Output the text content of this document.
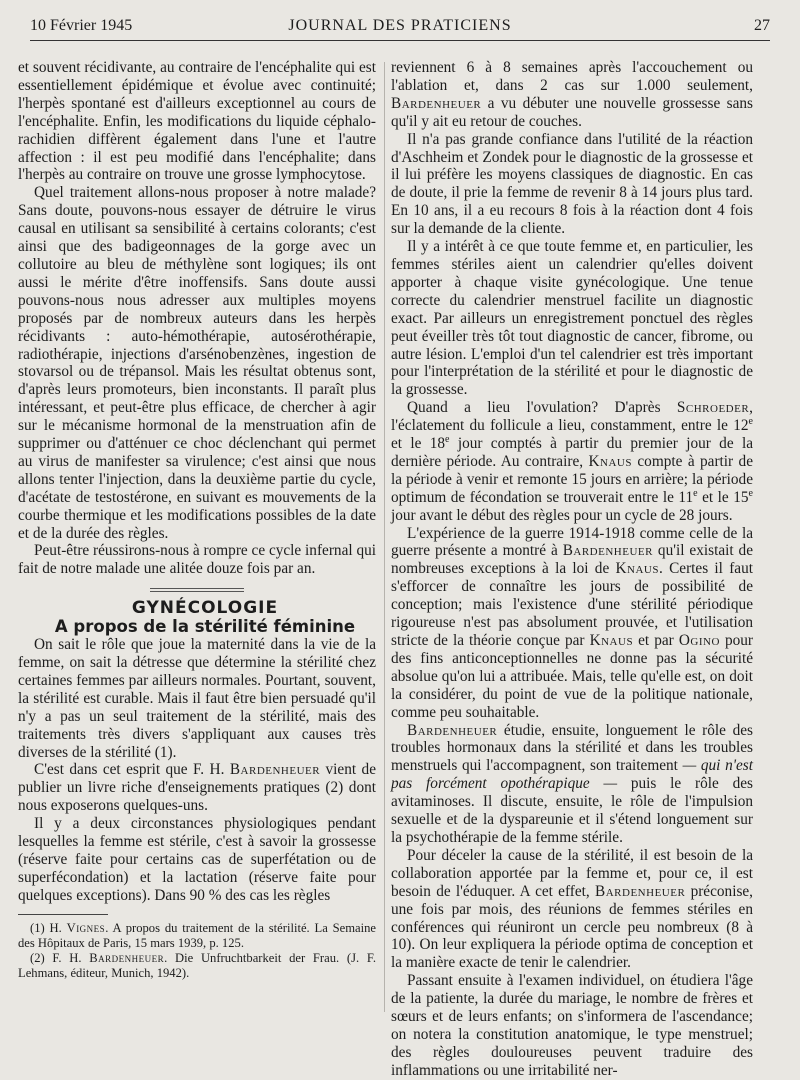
10 Février 1945	JOURNAL DES PRATICIENS	27

et souvent récidivante, au contraire de l'encéphalite qui est essentiellement épidémique et évolue avec continuité; l'herpès spontané est d'ailleurs exceptionnel au cours de l'encéphalite. Enfin, les modifications du liquide céphalo-rachidien diffèrent également dans l'une et l'autre affection : il est peu modifié dans l'encéphalite; dans l'herpès au contraire on trouve une grosse lymphocytose.

Quel traitement allons-nous proposer à notre malade? Sans doute, pouvons-nous essayer de détruire le virus causal en utilisant sa sensibilité à certains colorants; c'est ainsi que des badigeonnages de la gorge avec un collutoire au bleu de méthylène sont logiques; ils ont aussi le mérite d'être inoffensifs. Sans doute aussi pouvons-nous nous adresser aux multiples moyens proposés par de nombreux auteurs dans les herpès récidivants : auto-hémothérapie, autosérothérapie, radiothérapie, injections d'arsénobenzènes, ingestion de stovarsol ou de trépansol. Mais les résultat obtenus sont, d'après leurs promoteurs, bien inconstants. Il paraît plus intéressant, et peut-être plus efficace, de chercher à agir sur le mécanisme hormonal de la menstruation afin de supprimer ou d'atténuer ce choc déclenchant qui permet au virus de manifester sa virulence; c'est ainsi que nous allons tenter l'injection, dans la deuxième partie du cycle, d'acétate de testostérone, en suivant es mouvements de la courbe thermique et les modifications possibles de la date et de la durée des règles.

Peut-être réussirons-nous à rompre ce cycle infernal qui fait de notre malade une alitée douze fois par an.

GYNÉCOLOGIE

A propos de la stérilité féminine

On sait le rôle que joue la maternité dans la vie de la femme, on sait la détresse que détermine la stérilité chez certaines femmes par ailleurs normales. Pourtant, souvent, la stérilité est curable. Mais il faut être bien persuadé qu'il n'y a pas un seul traitement de la stérilité, mais des traitements très divers s'appliquant aux causes très diverses de la stérilité (1).

C'est dans cet esprit que F. H. Bardenheuer vient de publier un livre riche d'enseignements pratiques (2) dont nous exposerons quelques-uns.

Il y a deux circonstances physiologiques pendant lesquelles la femme est stérile, c'est à savoir la grossesse (réserve faite pour certains cas de superfétation ou de superfécondation) et la lactation (réserve faite pour quelques exceptions). Dans 90 % des cas les règles

(1) H. Vignes. A propos du traitement de la stérilité. La Semaine des Hôpitaux de Paris, 15 mars 1939, p. 125.

(2) F. H. Bardenheuer. Die Unfruchtbarkeit der Frau. (J. F. Lehmans, éditeur, Munich, 1942).

reviennent 6 à 8 semaines après l'accouchement ou l'ablation et, dans 2 cas sur 1.000 seulement, Bardenheuer a vu débuter une nouvelle grossesse sans qu'il y ait eu retour de couches.

Il n'a pas grande confiance dans l'utilité de la réaction d'Aschheim et Zondek pour le diagnostic de la grossesse et il lui préfère les moyens classiques de diagnostic. En cas de doute, il prie la femme de revenir 8 à 14 jours plus tard. En 10 ans, il a eu recours 8 fois à la réaction dont 4 fois sur la demande de la cliente.

Il y a intérêt à ce que toute femme et, en particulier, les femmes stériles aient un calendrier qu'elles doivent apporter à chaque visite gynécologique. Une tenue correcte du calendrier menstruel facilite un diagnostic exact. Par ailleurs un enregistrement ponctuel des règles peut éveiller très tôt tout diagnostic de cancer, fibrome, ou autre lésion. L'emploi d'un tel calendrier est très important pour l'interprétation de la stérilité et pour le diagnostic de la grossesse.

Quand a lieu l'ovulation? D'après Schroeder, l'éclatement du follicule a lieu, constamment, entre le 12e et le 18e jour comptés à partir du premier jour de la dernière période. Au contraire, Knaus compte à partir de la période à venir et remonte 15 jours en arrière; la période optimum de fécondation se trouverait entre le 11e et le 15e jour avant le début des règles pour un cycle de 28 jours.

L'expérience de la guerre 1914-1918 comme celle de la guerre présente a montré à Bardenheuer qu'il existait de nombreuses exceptions à la loi de Knaus. Certes il faut s'efforcer de connaître les jours de possibilité de conception; mais l'existence d'une stérilité périodique rigoureuse n'est pas absolument prouvée, et l'utilisation stricte de la théorie conçue par Knaus et par Ogino pour des fins anticonceptionnelles ne donne pas la sécurité absolue qu'on lui a attribuée. Mais, telle qu'elle est, on doit la considérer, du point de vue de la politique nationale, comme peu souhaitable.

Bardenheuer étudie, ensuite, longuement le rôle des troubles hormonaux dans la stérilité et dans les troubles menstruels qui l'accompagnent, son traitement — qui n'est pas forcément opothérapique — puis le rôle des avitaminoses. Il discute, ensuite, le rôle de l'impulsion sexuelle et de la dyspareunie et il s'étend longuement sur la psychothérapie de la femme stérile.

Pour déceler la cause de la stérilité, il est besoin de la collaboration apportée par la femme et, pour ce, il est besoin de l'éduquer. A cet effet, Bardenheuer préconise, une fois par mois, des réunions de femmes stériles en conférences qui réuniront un cercle peu nombreux (8 à 10). On leur expliquera la période optima de conception et la manière exacte de tenir le calendrier.

Passant ensuite à l'examen individuel, on étudiera l'âge de la patiente, la durée du mariage, le nombre de frères et sœurs et de leurs enfants; on s'informera de l'ascendance; on notera la constitution anatomique, le type menstruel; des règles douloureuses peuvent traduire des inflammations ou une irritabilité ner-
